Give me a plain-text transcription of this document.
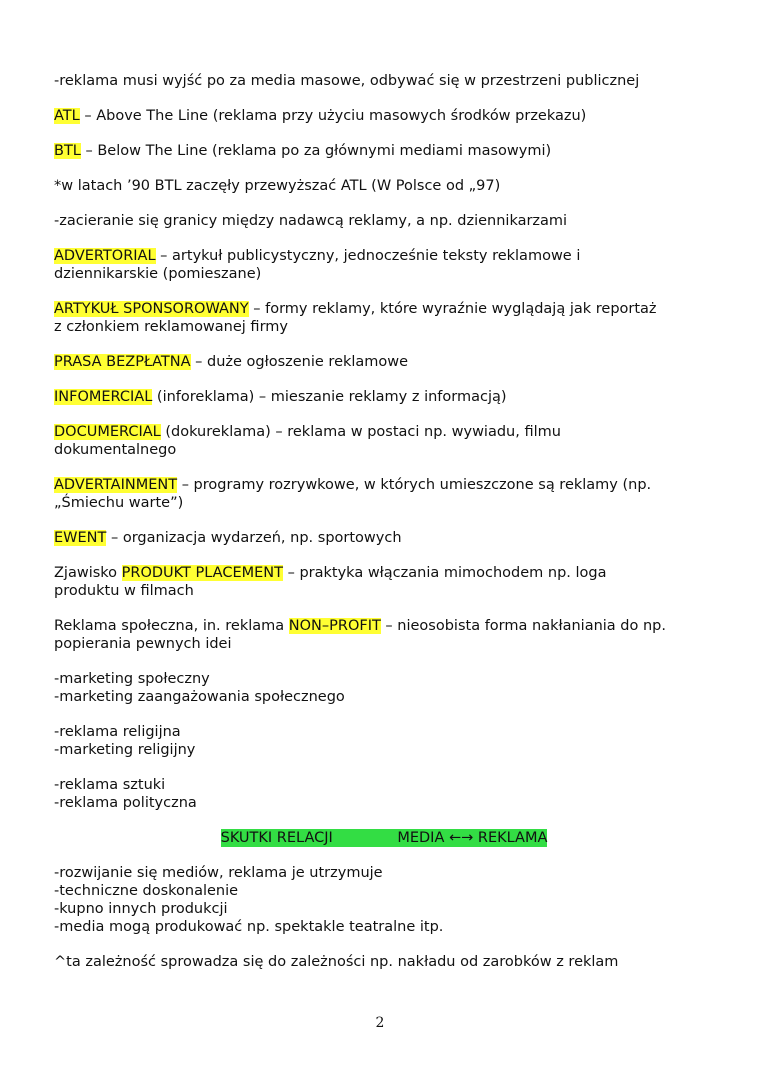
-reklama musi wyjść po za media masowe, odbywać się w przestrzeni publicznej

ATL – Above The Line (reklama przy użyciu masowych środków przekazu)

BTL – Below The Line (reklama po za głównymi mediami masowymi)

*w latach ’90 BTL zaczęły przewyższać ATL (W Polsce od „97)

-zacieranie się granicy między nadawcą reklamy, a np. dziennikarzami

ADVERTORIAL – artykuł publicystyczny, jednocześnie teksty reklamowe i
dziennikarskie (pomieszane)

ARTYKUŁ SPONSOROWANY – formy reklamy, które wyraźnie wyglądają jak reportaż
z członkiem reklamowanej firmy

PRASA BEZPŁATNA – duże ogłoszenie reklamowe

INFOMERCIAL (inforeklama) – mieszanie reklamy z informacją)

DOCUMERCIAL (dokureklama) – reklama w postaci np. wywiadu, filmu
dokumentalnego

ADVERTAINMENT – programy rozrywkowe, w których umieszczone są reklamy (np.
„Śmiechu warte”)

EWENT – organizacja wydarzeń, np. sportowych

Zjawisko PRODUKT PLACEMENT – praktyka włączania mimochodem np. loga
produktu w filmach

Reklama społeczna, in. reklama NON–PROFIT – nieosobista forma nakłaniania do np.
popierania pewnych idei

-marketing społeczny
-marketing zaangażowania społecznego

-reklama religijna
-marketing religijny

-reklama sztuki
-reklama polityczna

SKUTKI RELACJI	MEDIA ←→ REKLAMA

-rozwijanie się mediów, reklama je utrzymuje
-techniczne doskonalenie
-kupno innych produkcji
-media mogą produkować np. spektakle teatralne itp.

^ta zależność sprowadza się do zależności np. nakładu od zarobków z reklam

2
